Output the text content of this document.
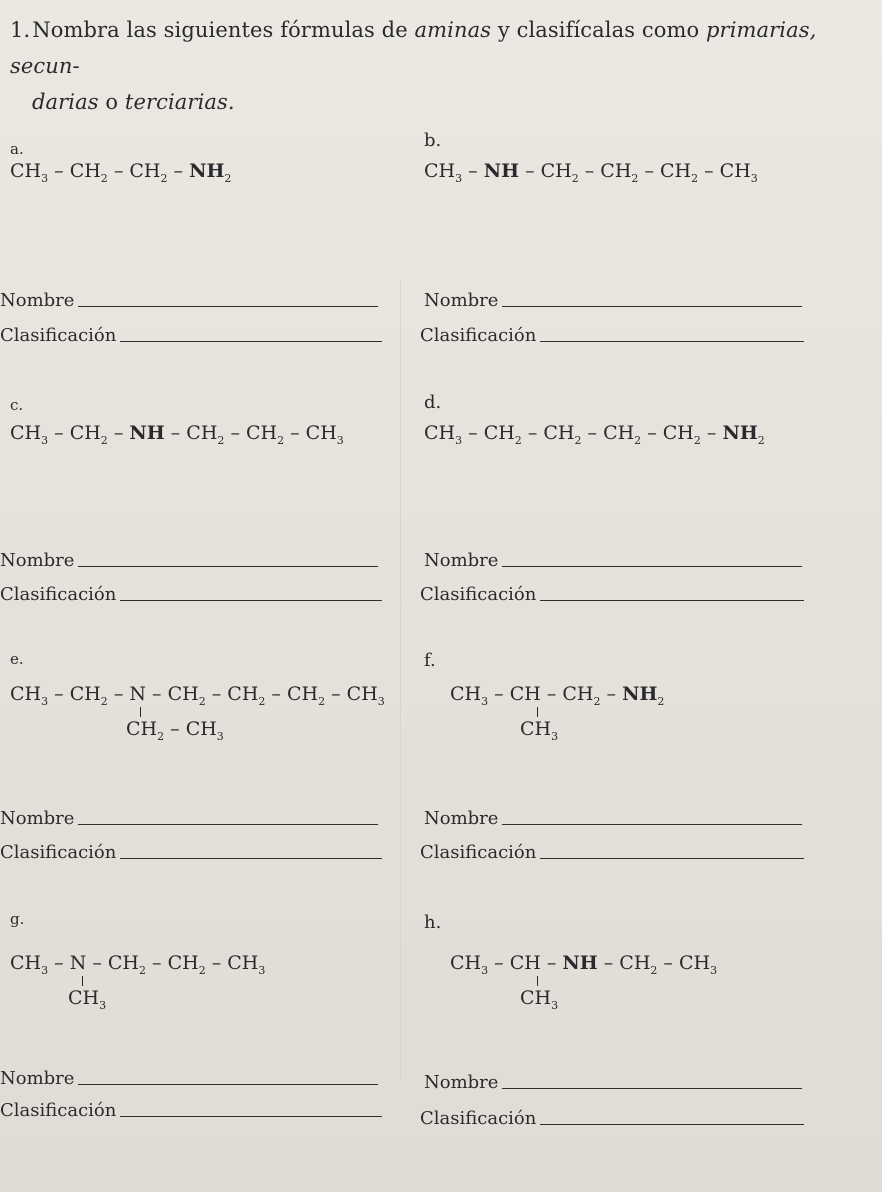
1.Nombra las siguientes fórmulas de aminas y clasifícalas como primarias, secun-
darias o terciarias.
a.
$CH_3 - CH_2 - CH_2 - NH_2$
b.
$CH_3$ – NH – $CH_2 - CH_2 - CH_2 - CH_3$
Nombre
Clasificación
Nombre
Clasificación
c.
$CH_3 - CH_2$ – NH – $CH_2 - CH_2 - CH_3$
d.
$CH_3 - CH_2 - CH_2 - CH_2 - CH_2 - NH_2$
Nombre
Clasificación
Nombre
Clasificación
e.
$CH_3 - CH_2$ – N – $CH_2 - CH_2 - CH_2 - CH_3$
$CH_2 - CH_3$
f.
$CH_3$ – CH – $CH_2 - NH_2$
$CH_3$
Nombre
Clasificación
Nombre
Clasificación
g.
$CH_3$ – N – $CH_2 - CH_2 - CH_3$
$CH_3$
h.
$CH_3$ – CH – NH – $CH_2 - CH_3$
$CH_3$
Nombre
Clasificación
Nombre
Clasificación
